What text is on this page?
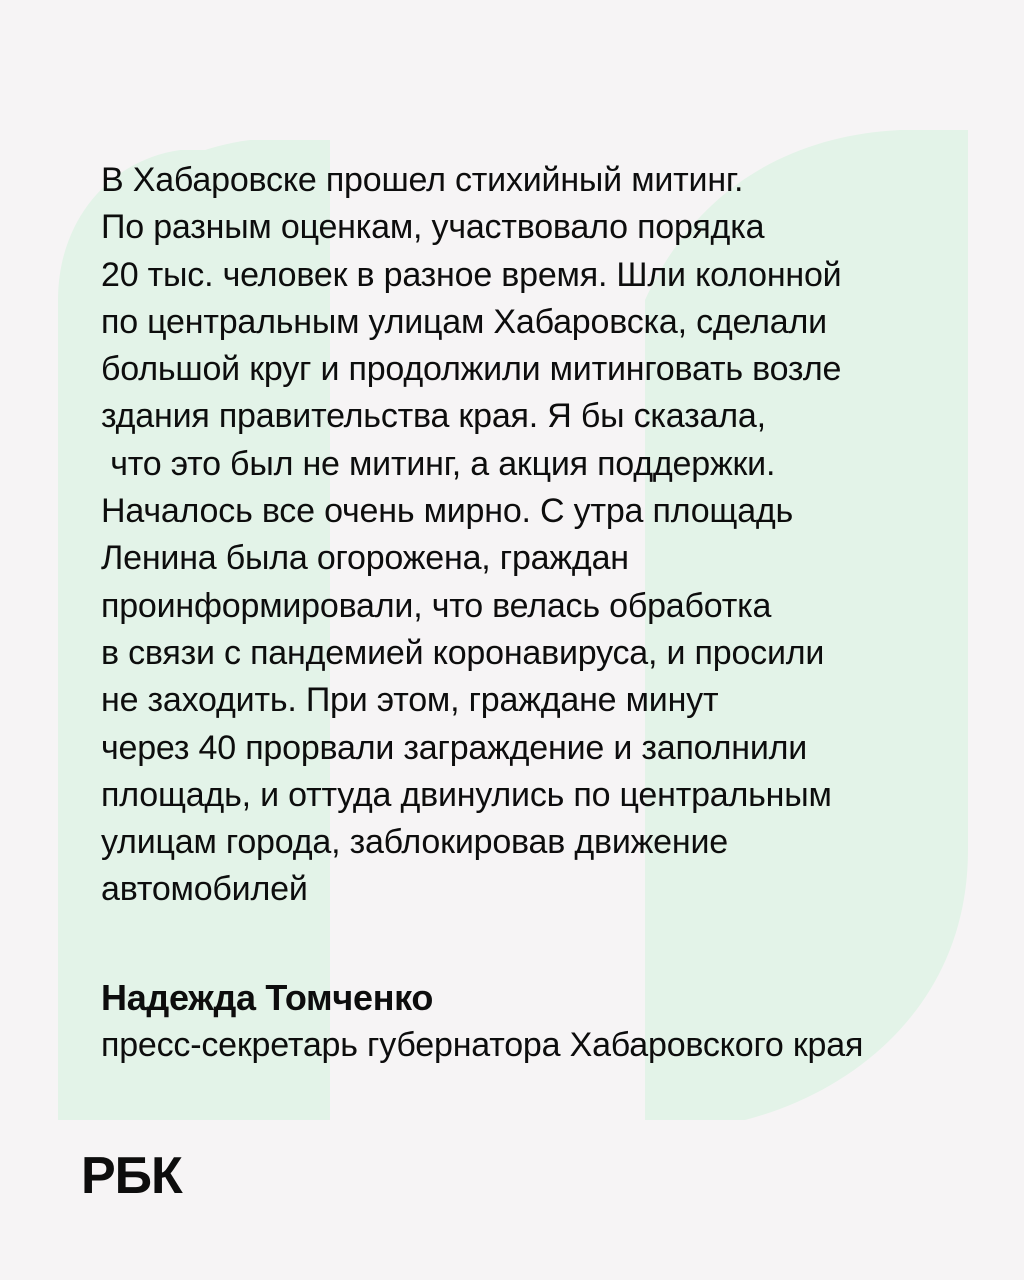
В Хабаровске прошел стихийный митинг.
По разным оценкам, участвовало порядка
20 тыс. человек в разное время. Шли колонной
по центральным улицам Хабаровска, сделали
большой круг и продолжили митинговать возле
здания правительства края. Я бы сказала,
что это был не митинг, а акция поддержки.
Началось все очень мирно. С утра площадь
Ленина была огорожена, граждан
проинформировали, что велась обработка
в связи с пандемией коронавируса, и просили
не заходить. При этом, граждане минут
через 40 прорвали заграждение и заполнили
площадь, и оттуда двинулись по центральным
улицам города, заблокировав движение
автомобилей

Надежда Томченко

пресс-секретарь губернатора Хабаровского края

РБК
